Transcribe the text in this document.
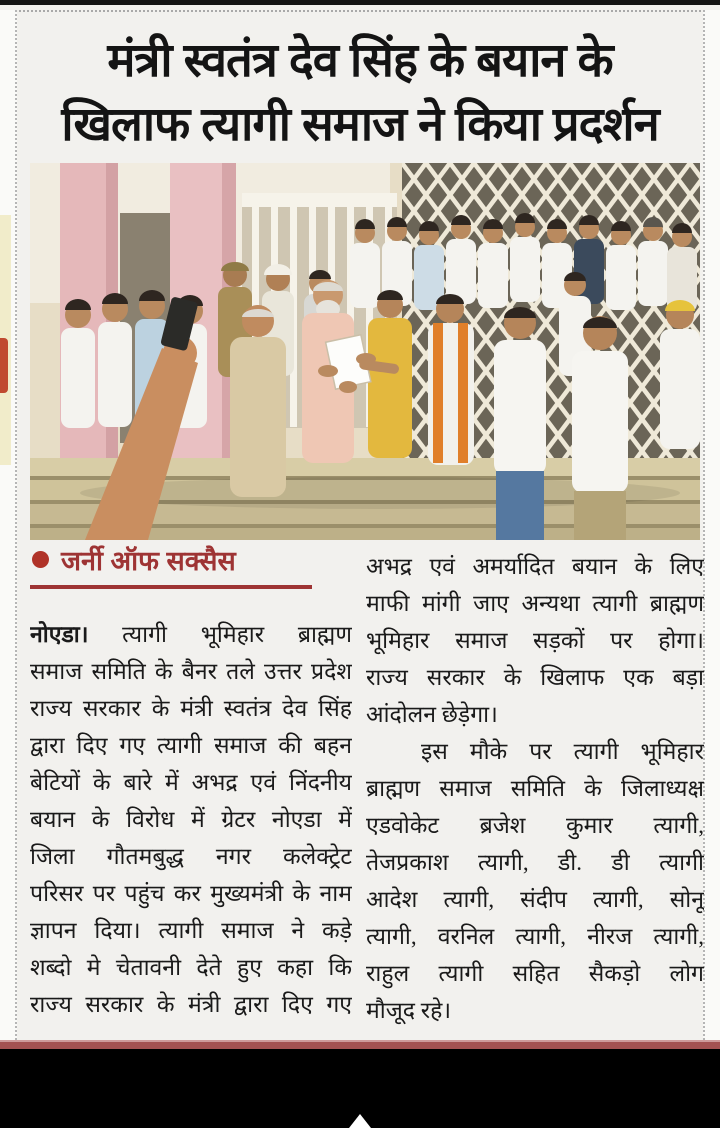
मंत्री स्वतंत्र देव सिंह के बयान के
खिलाफ त्यागी समाज ने किया प्रदर्शन
जर्नी ऑफ सक्सैस

नोएडा। त्यागी भूमिहार ब्राह्मण

समाज समिति के बैनर तले उत्तर प्रदेश

राज्य सरकार के मंत्री स्वतंत्र देव सिंह

द्वारा दिए गए त्यागी समाज की बहन

बेटियों के बारे में अभद्र एवं निंदनीय

बयान के विरोध में ग्रेटर नोएडा में

जिला गौतमबुद्ध नगर कलेक्ट्रेट

परिसर पर पहुंच कर मुख्यमंत्री के नाम

ज्ञापन दिया। त्यागी समाज ने कड़े

शब्दो मे चेतावनी देते हुए कहा कि

राज्य सरकार के मंत्री द्वारा दिए गए

अभद्र एवं अमर्यादित बयान के लिए

माफी मांगी जाए अन्यथा त्यागी ब्राह्मण

भूमिहार समाज सड़कों पर होगा।

राज्य सरकार के खिलाफ एक बड़ा

आंदोलन छेड़ेगा।

इस मौके पर त्यागी भूमिहार

ब्राह्मण समाज समिति के जिलाध्यक्ष

एडवोकेट ब्रजेश कुमार त्यागी,

तेजप्रकाश त्यागी, डी. डी त्यागी

आदेश त्यागी, संदीप त्यागी, सोनू

त्यागी, वरनिल त्यागी, नीरज त्यागी,

राहुल त्यागी सहित सैकड़ो लोग

मौजूद रहे।
